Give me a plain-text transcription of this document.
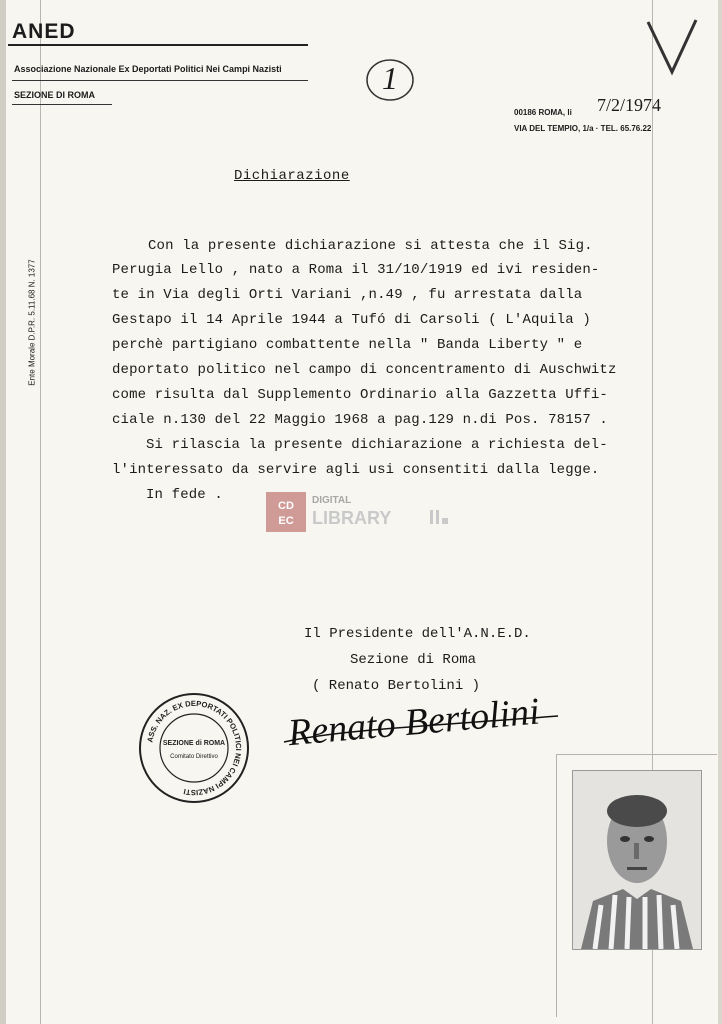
ANED
Associazione Nazionale Ex Deportati Politici Nei Campi Nazisti
SEZIONE DI ROMA	1
00186 ROMA, li 7/2/1974
VIA DEL TEMPIO, 1/a · TEL. 65.76.22
Ente Morale D.P.R. 5.11.68 N. 1377
Dichiarazione
Con la presente dichiarazione si attesta che il Sig.
Perugia Lello , nato a Roma il 31/10/1919 ed ivi residen-
te in Via degli Orti Variani ,n.49 , fu arrestata dalla
Gestapo il 14 Aprile 1944 a Tufó di Carsoli ( L'Aquila )
perchè partigiano combattente nella " Banda Liberty " e
deportato politico nel campo di concentramento di Auschwitz
come risulta dal Supplemento Ordinario alla Gazzetta Uffi-
ciale n.130 del 22 Maggio 1968 a pag.129 n.di Pos. 78157 .
Si rilascia la presente dichiarazione a richiesta del-
l'interessato da servire agli usi consentiti dalla legge.
In fede .
CD
EC
DIGITAL
LIBRARY
Il Presidente dell'A.N.E.D.
Sezione di Roma
( Renato Bertolini )
Renato Bertolini
ASS. NAZ. EX DEPORTATI POLITICI NEI CAMPI NAZISTI
SEZIONE di ROMA
Comitato Direttivo
